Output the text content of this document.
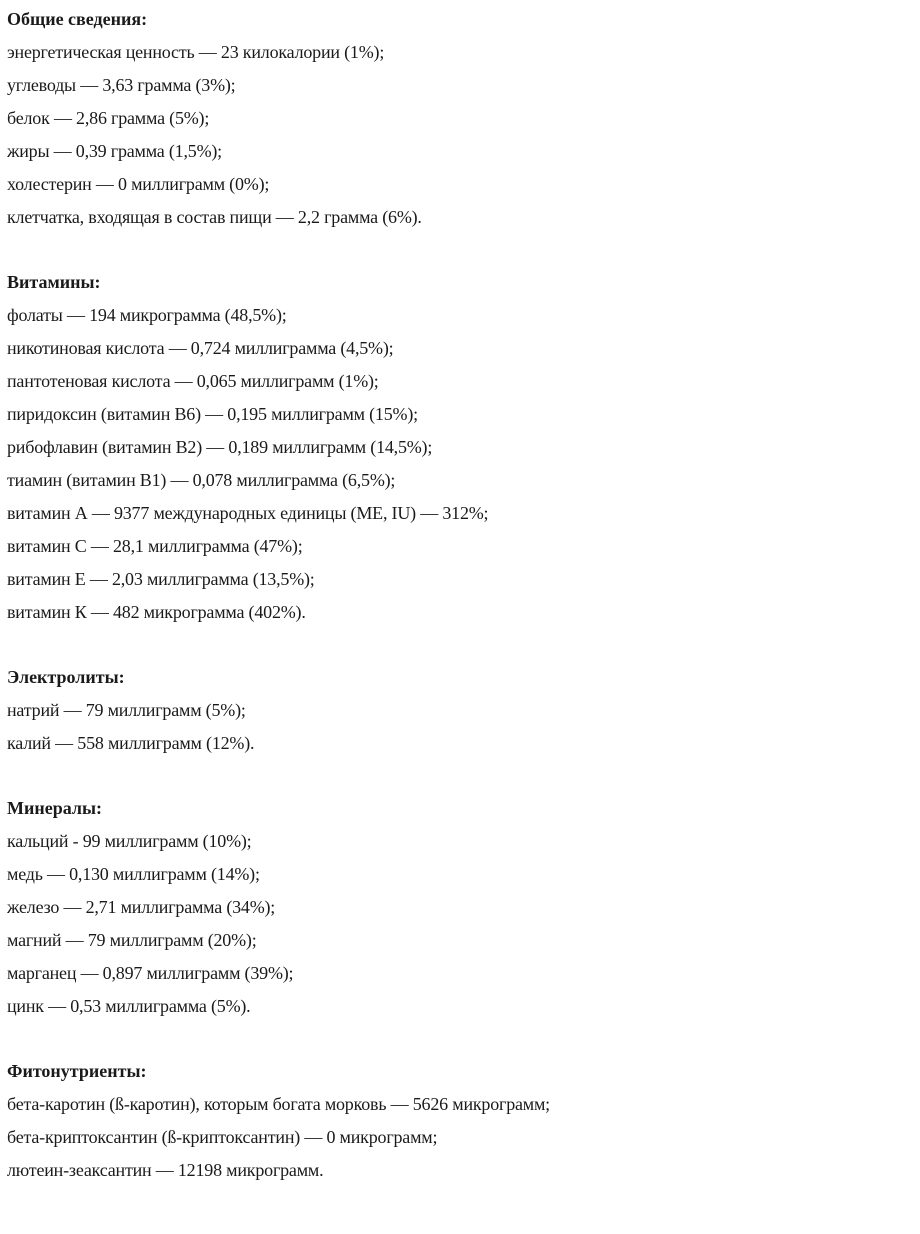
Общие сведения:
энергетическая ценность — 23 килокалории (1%);
углеводы — 3,63 грамма (3%);
белок — 2,86 грамма (5%);
жиры — 0,39 грамма (1,5%);
холестерин — 0 миллиграмм (0%);
клетчатка, входящая в состав пищи — 2,2 грамма (6%).
Витамины:
фолаты — 194 микрограмма (48,5%);
никотиновая кислота — 0,724 миллиграмма (4,5%);
пантотеновая кислота — 0,065 миллиграмм (1%);
пиридоксин (витамин В6) — 0,195 миллиграмм (15%);
рибофлавин (витамин В2) — 0,189 миллиграмм (14,5%);
тиамин (витамин В1) — 0,078 миллиграмма (6,5%);
витамин А — 9377 международных единицы (МЕ, IU) — 312%;
витамин С — 28,1 миллиграмма (47%);
витамин Е — 2,03 миллиграмма (13,5%);
витамин К — 482 микрограмма (402%).
Электролиты:
натрий — 79 миллиграмм (5%);
калий — 558 миллиграмм (12%).
Минералы:
кальций - 99 миллиграмм (10%);
медь — 0,130 миллиграмм (14%);
железо — 2,71 миллиграмма (34%);
магний — 79 миллиграмм (20%);
марганец — 0,897 миллиграмм (39%);
цинк — 0,53 миллиграмма (5%).
Фитонутриенты:
бета-каротин (ß-каротин), которым богата морковь — 5626 микрограмм;
бета-криптоксантин (ß-криптоксантин) — 0 микрограмм;
лютеин-зеаксантин — 12198 микрограмм.
